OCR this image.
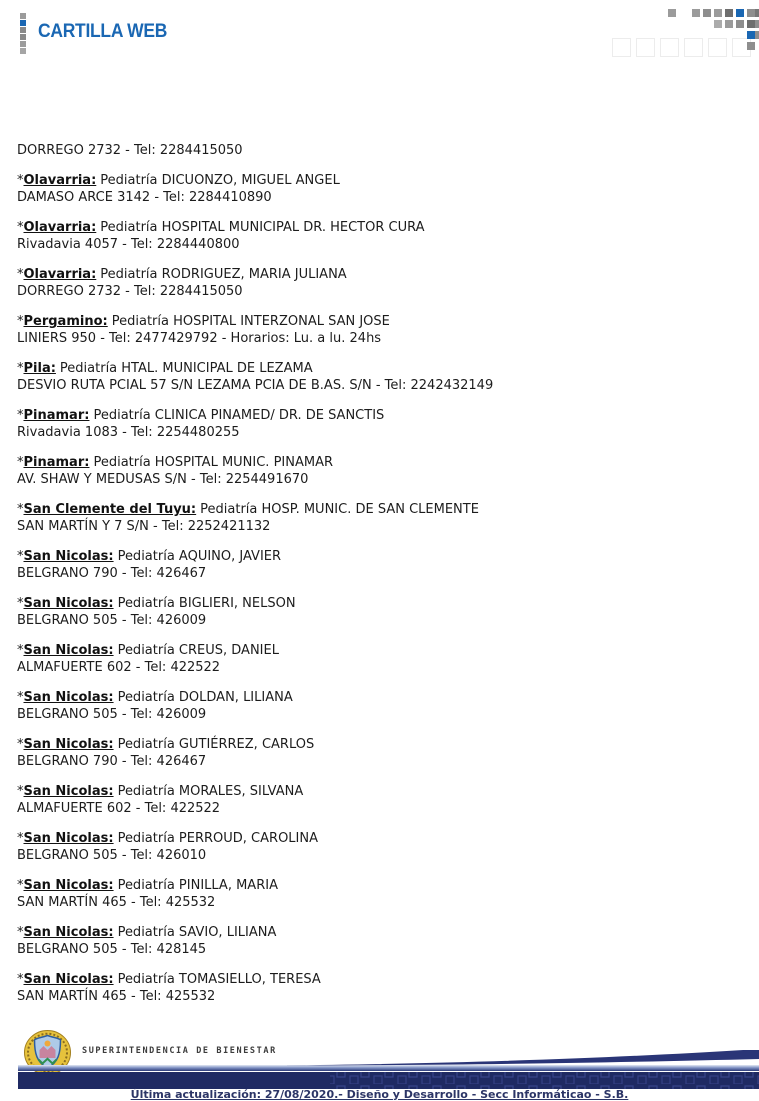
CARTILLA WEB

DORREGO 2732 - Tel: 2284415050

*Olavarria: Pediatría DICUONZO, MIGUEL ANGEL
DAMASO ARCE 3142 - Tel: 2284410890

*Olavarria: Pediatría HOSPITAL MUNICIPAL DR. HECTOR CURA
Rivadavia 4057 - Tel: 2284440800

*Olavarria: Pediatría RODRIGUEZ, MARIA JULIANA
DORREGO 2732 - Tel: 2284415050

*Pergamino: Pediatría HOSPITAL INTERZONAL SAN JOSE
LINIERS 950 - Tel: 2477429792 - Horarios: Lu. a lu. 24hs

*Pila: Pediatría HTAL. MUNICIPAL DE LEZAMA
DESVIO RUTA PCIAL 57 S/N LEZAMA PCIA DE B.AS. S/N - Tel: 2242432149

*Pinamar: Pediatría CLINICA PINAMED/ DR. DE SANCTIS
Rivadavia 1083 - Tel: 2254480255

*Pinamar: Pediatría HOSPITAL MUNIC. PINAMAR
AV. SHAW Y MEDUSAS S/N - Tel: 2254491670

*San Clemente del Tuyu: Pediatría HOSP. MUNIC. DE SAN CLEMENTE
SAN MARTÍN Y 7 S/N - Tel: 2252421132

*San Nicolas: Pediatría AQUINO, JAVIER
BELGRANO 790 - Tel: 426467

*San Nicolas: Pediatría BIGLIERI, NELSON
BELGRANO 505 - Tel: 426009

*San Nicolas: Pediatría CREUS, DANIEL
ALMAFUERTE 602 - Tel: 422522

*San Nicolas: Pediatría DOLDAN, LILIANA
BELGRANO 505 - Tel: 426009

*San Nicolas: Pediatría GUTIÉRREZ, CARLOS
BELGRANO 790 - Tel: 426467

*San Nicolas: Pediatría MORALES, SILVANA
ALMAFUERTE 602 - Tel: 422522

*San Nicolas: Pediatría PERROUD, CAROLINA
BELGRANO 505 - Tel: 426010

*San Nicolas: Pediatría PINILLA, MARIA
SAN MARTÍN 465 - Tel: 425532

*San Nicolas: Pediatría SAVIO, LILIANA
BELGRANO 505 - Tel: 428145

*San Nicolas: Pediatría TOMASIELLO, TERESA
SAN MARTÍN 465 - Tel: 425532

SUPERINTENDENCIA DE BIENESTAR
Última actualización: 27/08/2020.- Diseño y Desarrollo - Secc Informáticao - S.B.
